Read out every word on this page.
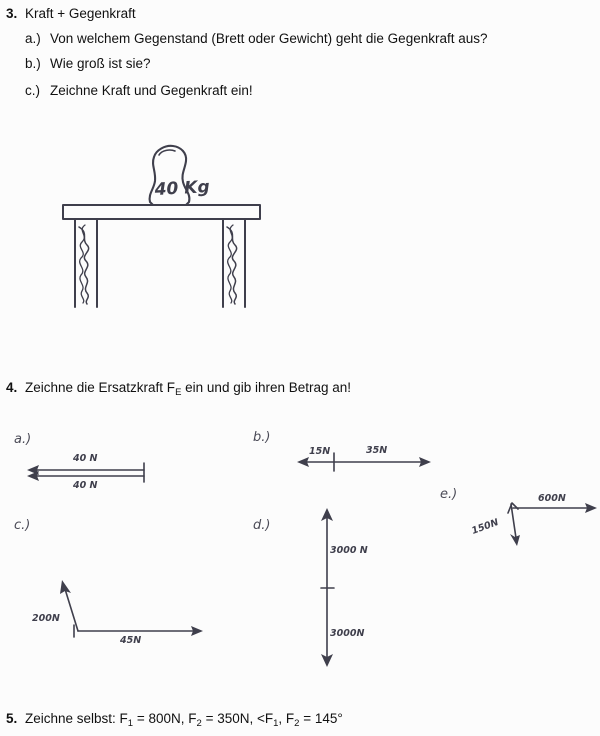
3. Kraft + Gegenkraft
a.) Von welchem Gegenstand (Brett oder Gewicht) geht die Gegenkraft aus?
b.) Wie groß ist sie?
c.) Zeichne Kraft und Gegenkraft ein!
40 Kg
4. Zeichne die Ersatzkraft $F_E$ ein und gib ihren Betrag an!
a.)
40 N
40 N
b.)
15N	35N
e.)	600N
150N
c.)
200N
45N
d.)
3000 N
3000N
5. Zeichne selbst: $F_1 = 800N$, $F_2 = 350N$, $<F_1$, $F_2 = 145^\circ$
